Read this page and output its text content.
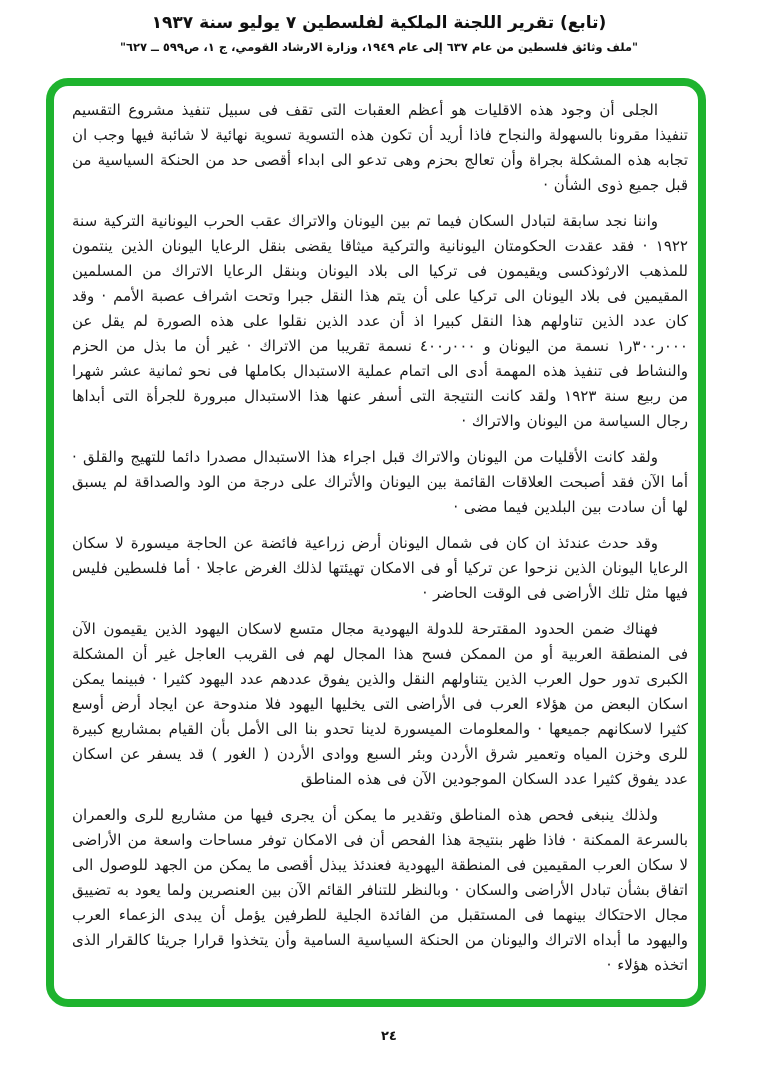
(تابع) تقرير اللجنة الملكية لفلسطين ٧ يوليو سنة ١٩٣٧
"ملف وثائق فلسطين من عام ٦٣٧ إلى عام ١٩٤٩، وزارة الارشاد القومي، ج ١، ص٥٩٩ ــ ٦٢٧"

الجلى أن وجود هذه الاقليات هو أعظم العقبات التى تقف فى سبيل تنفيذ مشروع التقسيم تنفيذا مقرونا بالسهولة والنجاح فاذا أريد أن تكون هذه التسوية تسوية نهائية لا شائبة فيها وجب ان تجابه هذه المشكلة بجراة وأن تعالج بحزم وهى تدعو الى ابداء أقصى حد من الحنكة السياسية من قبل جميع ذوى الشأن ·

واننا نجد سابقة لتبادل السكان فيما تم بين اليونان والاتراك عقب الحرب اليونانية التركية سنة ١٩٢٢ · فقد عقدت الحكومتان اليونانية والتركية ميثاقا يقضى بنقل الرعايا اليونان الذين ينتمون للمذهب الارثوذكسى ويقيمون فى تركيا الى بلاد اليونان وبنقل الرعايا الاتراك من المسلمين المقيمين فى بلاد اليونان الى تركيا على أن يتم هذا النقل جبرا وتحت اشراف عصبة الأمم · وقد كان عدد الذين تناولهم هذا النقل كبيرا اذ أن عدد الذين نقلوا على هذه الصورة لم يقل عن ٠٠٠ر٣٠٠ر١ نسمة من اليونان و ٠٠٠ر٤٠٠ نسمة تقريبا من الاتراك · غير أن ما بذل من الحزم والنشاط فى تنفيذ هذه المهمة أدى الى اتمام عملية الاستبدال بكاملها فى نحو ثمانية عشر شهرا من ربيع سنة ١٩٢٣ ولقد كانت النتيجة التى أسفر عنها هذا الاستبدال مبرورة للجرأة التى أبداها رجال السياسة من اليونان والاتراك ·

ولقد كانت الأقليات من اليونان والاتراك قبل اجراء هذا الاستبدال مصدرا دائما للتهيج والقلق · أما الآن فقد أصبحت العلاقات القائمة بين اليونان والأتراك على درجة من الود والصداقة لم يسبق لها أن سادت بين البلدين فيما مضى ·

وقد حدث عندئذ ان كان فى شمال اليونان أرض زراعية فائضة عن الحاجة ميسورة لا سكان الرعايا اليونان الذين نزحوا عن تركيا أو فى الامكان تهيئتها لذلك الغرض عاجلا · أما فلسطين فليس فيها مثل تلك الأراضى فى الوقت الحاضر ·

فهناك ضمن الحدود المقترحة للدولة اليهودية مجال متسع لاسكان اليهود الذين يقيمون الآن فى المنطقة العربية أو من الممكن فسح هذا المجال لهم فى القريب العاجل غير أن المشكلة الكبرى تدور حول العرب الذين يتناولهم النقل والذين يفوق عددهم عدد اليهود كثيرا · فبينما يمكن اسكان البعض من هؤلاء العرب فى الأراضى التى يخليها اليهود فلا مندوحة عن ايجاد أرض أوسع كثيرا لاسكانهم جميعها · والمعلومات الميسورة لدينا تحدو بنا الى الأمل بأن القيام بمشاريع كبيرة للرى وخزن المياه وتعمير شرق الأردن وبئر السبع ووادى الأردن ( الغور ) قد يسفر عن اسكان عدد يفوق كثيرا عدد السكان الموجودين الآن فى هذه المناطق

ولذلك ينبغى فحص هذه المناطق وتقدير ما يمكن أن يجرى فيها من مشاريع للرى والعمران بالسرعة الممكنة · فاذا ظهر بنتيجة هذا الفحص أن فى الامكان توفر مساحات واسعة من الأراضى لا سكان العرب المقيمين فى المنطقة اليهودية فعندئذ يبذل أقصى ما يمكن من الجهد للوصول الى اتفاق بشأن تبادل الأراضى والسكان · وبالنظر للتنافر القائم الآن بين العنصرين ولما يعود به تضييق مجال الاحتكاك بينهما فى المستقبل من الفائدة الجلية للطرفين يؤمل أن يبدى الزعماء العرب واليهود ما أبداه الاتراك واليونان من الحنكة السياسية السامية وأن يتخذوا قرارا جريئا كالقرار الذى اتخذه هؤلاء ·

٢٤
